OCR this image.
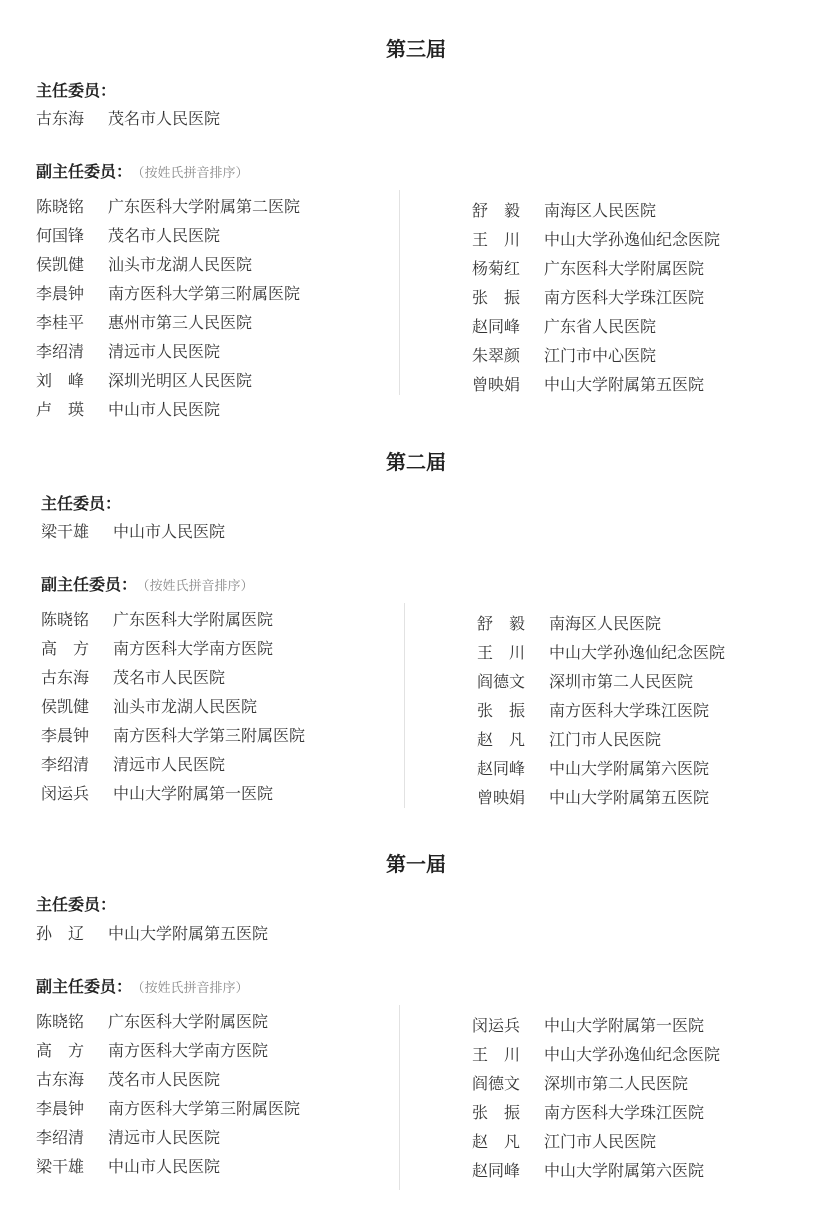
第三届
主任委员：
古东海 茂名市人民医院
副主任委员： （按姓氏拼音排序）
陈晓铭 广东医科大学附属第二医院
何国锋 茂名市人民医院
侯凯健 汕头市龙湖人民医院
李晨钟 南方医科大学第三附属医院
李桂平 惠州市第三人民医院
李绍清 清远市人民医院
刘　峰 深圳光明区人民医院
卢　瑛 中山市人民医院
舒　毅 南海区人民医院
王　川 中山大学孙逸仙纪念医院
杨菊红 广东医科大学附属医院
张　振 南方医科大学珠江医院
赵同峰 广东省人民医院
朱翠颜 江门市中心医院
曾映娟 中山大学附属第五医院
第二届
主任委员：
梁干雄 中山市人民医院
副主任委员： （按姓氏拼音排序）
陈晓铭 广东医科大学附属医院
高　方 南方医科大学南方医院
古东海 茂名市人民医院
侯凯健 汕头市龙湖人民医院
李晨钟 南方医科大学第三附属医院
李绍清 清远市人民医院
闵运兵 中山大学附属第一医院
舒　毅 南海区人民医院
王　川 中山大学孙逸仙纪念医院
阎德文 深圳市第二人民医院
张　振 南方医科大学珠江医院
赵　凡 江门市人民医院
赵同峰 中山大学附属第六医院
曾映娟 中山大学附属第五医院
第一届
主任委员：
孙　辽 中山大学附属第五医院
副主任委员： （按姓氏拼音排序）
陈晓铭 广东医科大学附属医院
高　方 南方医科大学南方医院
古东海 茂名市人民医院
李晨钟 南方医科大学第三附属医院
李绍清 清远市人民医院
梁干雄 中山市人民医院
闵运兵 中山大学附属第一医院
王　川 中山大学孙逸仙纪念医院
阎德文 深圳市第二人民医院
张　振 南方医科大学珠江医院
赵　凡 江门市人民医院
赵同峰 中山大学附属第六医院
